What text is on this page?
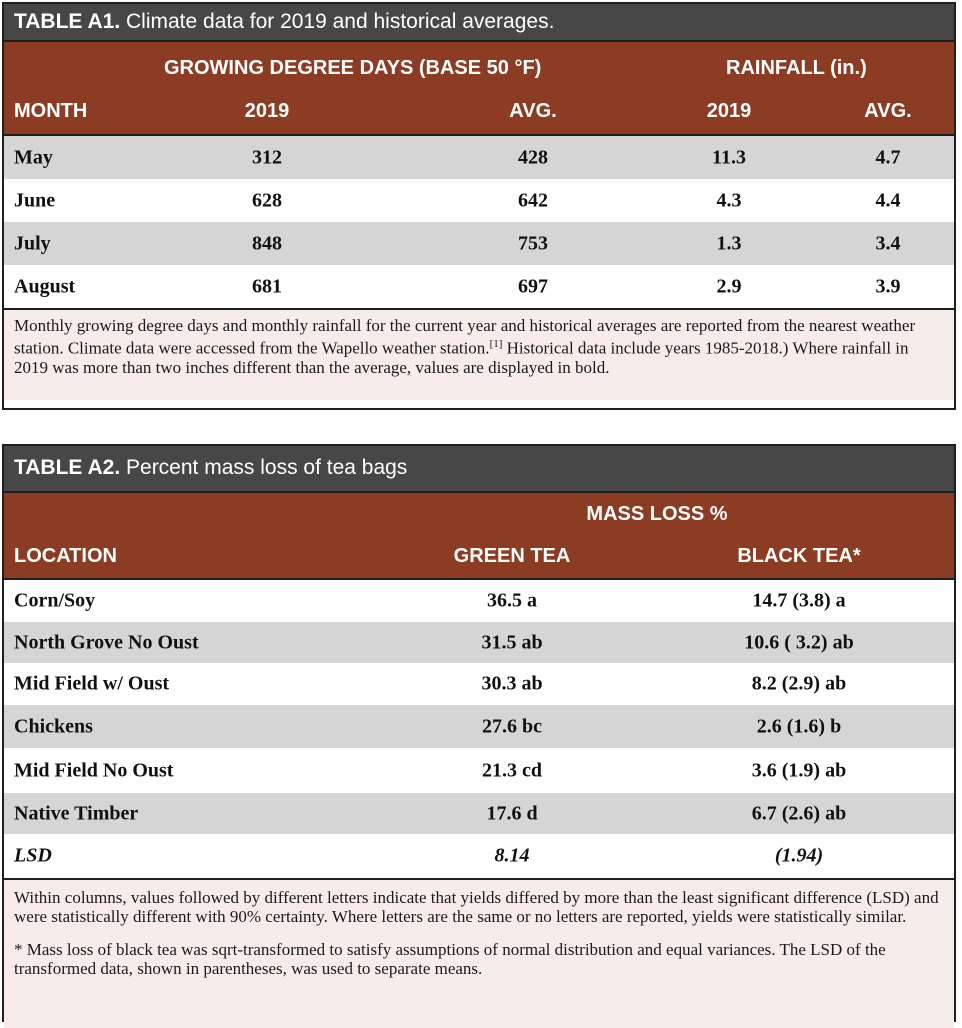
TABLE A1. Climate data for 2019 and historical averages.
GROWING DEGREE DAYS (BASE 50 °F)	RAINFALL (in.)
MONTH	2019	AVG.	2019	AVG.
May	312	428	11.3	4.7
June	628	642	4.3	4.4
July	848	753	1.3	3.4
August	681	697	2.9	3.9

Monthly growing degree days and monthly rainfall for the current year and historical averages are reported from the nearest weather station. Climate data were accessed from the Wapello weather station.[1] Historical data include years 1985-2018.) Where rainfall in 2019 was more than two inches different than the average, values are displayed in bold.

TABLE A2. Percent mass loss of tea bags
MASS LOSS %
LOCATION	GREEN TEA	BLACK TEA*
Corn/Soy	36.5 a	14.7 (3.8) a
North Grove No Oust	31.5 ab	10.6 ( 3.2) ab
Mid Field w/ Oust	30.3 ab	8.2 (2.9) ab
Chickens	27.6 bc	2.6 (1.6) b
Mid Field No Oust	21.3 cd	3.6 (1.9) ab
Native Timber	17.6 d	6.7 (2.6) ab
LSD	8.14	(1.94)

Within columns, values followed by different letters indicate that yields differed by more than the least significant difference (LSD) and were statistically different with 90% certainty. Where letters are the same or no letters are reported, yields were statistically similar.

* Mass loss of black tea was sqrt-transformed to satisfy assumptions of normal distribution and equal variances. The LSD of the transformed data, shown in parentheses, was used to separate means.
